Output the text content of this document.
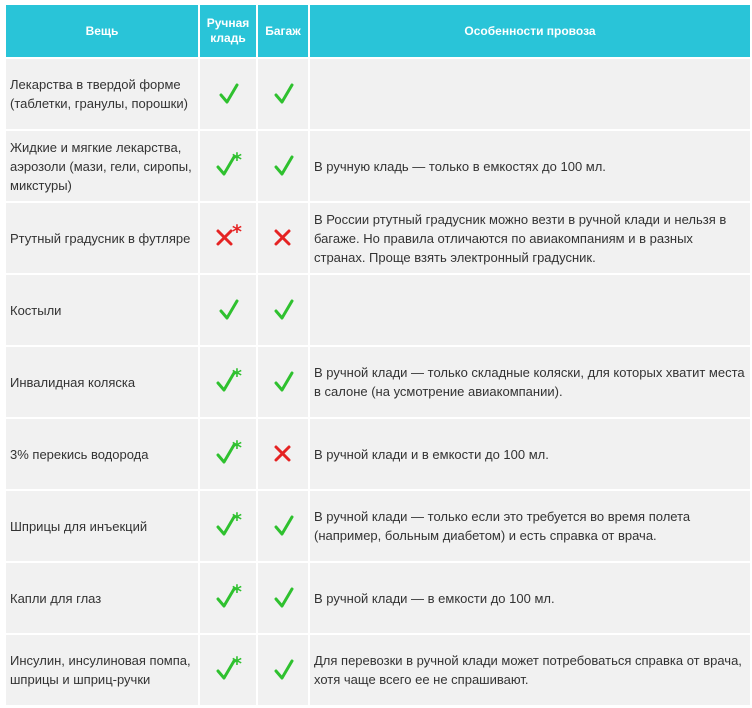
Вещь	Ручная кладь	Багаж	Особенности провоза
Лекарства в твердой форме (таблетки, гранулы, порошки)	

Жидкие и мягкие лекарства, аэрозоли (мази, гели, сиропы, микстуры)	*		В ручную кладь — только в емкостях до 100 мл.
Ртутный градусник в футляре	*		В России ртутный градусник можно везти в ручной клади и нельзя в багаже. Но правила отличаются по авиакомпаниям и в разных странах. Проще взять электронный градусник.
Костыли	

Инвалидная коляска	*		В ручной клади — только складные коляски, для которых хватит места в салоне (на усмотрение авиакомпании).
3% перекись водорода	*		В ручной клади и в емкости до 100 мл.
Шприцы для инъекций	*		В ручной клади — только если это требуется во время полета (например, больным диабетом) и есть справка от врача.
Капли для глаз	*		В ручной клади — в емкости до 100 мл.
Инсулин, инсулиновая помпа, шприцы и шприц-ручки	*		Для перевозки в ручной клади может потребоваться справка от врача, хотя чаще всего ее не спрашивают.
